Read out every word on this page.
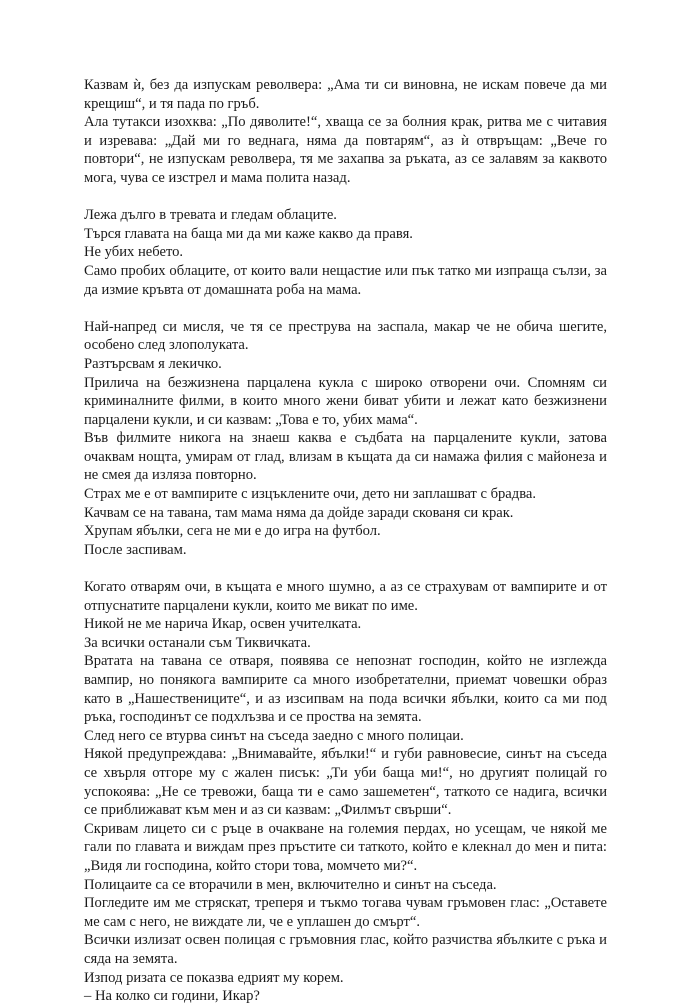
Казвам ѝ, без да изпускам револвера: „Ама ти си виновна, не искам повече да ми крещиш“, и тя пада по гръб.

Ала тутакси изохква: „По дяволите!“, хваща се за болния крак, ритва ме с читавия и изревава: „Дай ми го веднага, няма да повтарям“, аз ѝ отвръщам: „Вече го повтори“, не изпускам револвера, тя ме захапва за ръката, аз се залавям за каквото мога, чува се изстрел и мама полита назад.

Лежа дълго в тревата и гледам облаците.

Търся главата на баща ми да ми каже какво да правя.

Не убих небето.

Само пробих облаците, от които вали нещастие или пък татко ми изпраща сълзи, за да измие кръвта от домашната роба на мама.

Най-напред си мисля, че тя се преструва на заспала, макар че не обича шегите, особено след злополуката.

Разтърсвам я лекичко.

Прилича на безжизнена парцалена кукла с широко отворени очи. Спомням си криминалните филми, в които много жени биват убити и лежат като безжизнени парцалени кукли, и си казвам: „Това е то, убих мама“.

Във филмите никога на знаеш каква е съдбата на парцалените кукли, затова очаквам нощта, умирам от глад, влизам в къщата да си намажа филия с майонеза и не смея да изляза повторно.

Страх ме е от вампирите с изцъклените очи, дето ни заплашват с брадва.

Качвам се на тавана, там мама няма да дойде заради скованя си крак.

Хрупам ябълки, сега не ми е до игра на футбол.

После заспивам.

Когато отварям очи, в къщата е много шумно, а аз се страхувам от вампирите и от отпуснатите парцалени кукли, които ме викат по име.

Никой не ме нарича Икар, освен учителката.

За всички останали съм Тиквичката.

Вратата на тавана се отваря, появява се непознат господин, който не изглежда вампир, но понякога вампирите са много изобретателни, приемат човешки образ като в „Нашествениците“, и аз изсипвам на пода всички ябълки, които са ми под ръка, господинът се подхлъзва и се проства на земята.

След него се втурва синът на съседа заедно с много полицаи.

Някой предупреждава: „Внимавайте, ябълки!“ и губи равновесие, синът на съседа се хвърля отгоре му с жален писък: „Ти уби баща ми!“, но другият полицай го успокоява: „Не се тревожи, баща ти е само зашеметен“, таткото се надига, всички се приближават към мен и аз си казвам: „Филмът свърши“.

Скривам лицето си с ръце в очакване на големия пердах, но усещам, че някой ме гали по главата и виждам през пръстите си таткото, който е клекнал до мен и пита: „Видя ли господина, който стори това, момчето ми?“.

Полицаите са се вторачили в мен, включително и синът на съседа.

Погледите им ме стряскат, треперя и тъкмо тогава чувам гръмовен глас: „Оставете ме сам с него, не виждате ли, че е уплашен до смърт“.

Всички излизат освен полицая с гръмовния глас, който разчиства ябълките с ръка и сяда на земята.

Изпод ризата се показва едрият му корем.

– На колко си години, Икар?
